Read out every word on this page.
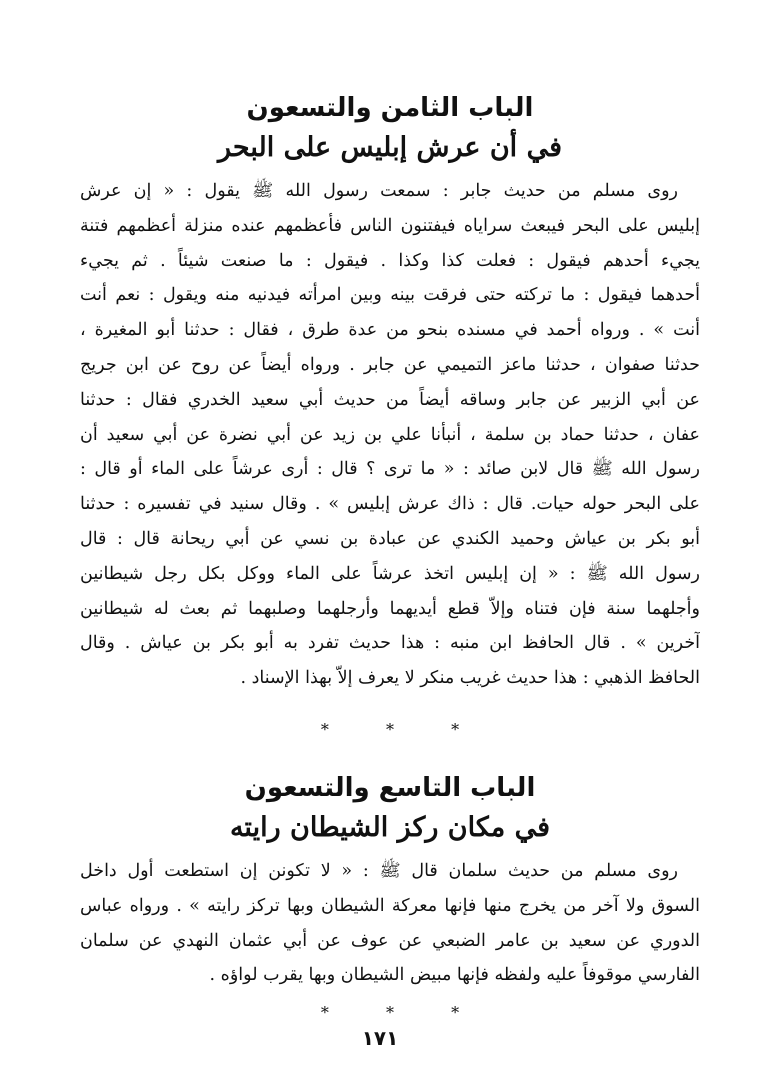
الباب الثامن والتسعون
في أن عرش إبليس على البحر
روى مسلم من حديث جابر : سمعت رسول الله ﷺ يقول : « إن عرش
إبليس على البحر فيبعث سراياه فيفتنون الناس فأعظمهم عنده منزلة أعظمهم فتنة
يجيء أحدهم فيقول : فعلت كذا وكذا . فيقول : ما صنعت شيئاً . ثم يجيء
أحدهما فيقول : ما تركته حتى فرقت بينه وبين امرأته فيدنيه منه ويقول : نعم أنت
أنت » . ورواه أحمد في مسنده بنحو من عدة طرق ، فقال : حدثنا أبو المغيرة ،
حدثنا صفوان ، حدثنا ماعز التميمي عن جابر . ورواه أيضاً عن روح عن ابن جريج
عن أبي الزبير عن جابر وساقه أيضاً من حديث أبي سعيد الخدري فقال : حدثنا
عفان ، حدثنا حماد بن سلمة ، أنبأنا علي بن زيد عن أبي نضرة عن أبي سعيد أن
رسول الله ﷺ قال لابن صائد : « ما ترى ؟ قال : أرى عرشاً على الماء أو قال :
على البحر حوله حيات. قال : ذاك عرش إبليس » . وقال سنيد في تفسيره : حدثنا
أبو بكر بن عياش وحميد الكندي عن عبادة بن نسي عن أبي ريحانة قال : قال
رسول الله ﷺ : « إن إبليس اتخذ عرشاً على الماء ووكل بكل رجل شيطانين
وأجلهما سنة فإن فتناه وإلاّ قطع أيديهما وأرجلهما وصلبهما ثم بعث له شيطانين
آخرين » . قال الحافظ ابن منبه : هذا حديث تفرد به أبو بكر بن عياش . وقال
الحافظ الذهبي : هذا حديث غريب منكر لا يعرف إلاّ بهذا الإسناد .
* * *
الباب التاسع والتسعون
في مكان ركز الشيطان رايته
روى مسلم من حديث سلمان قال ﷺ : « لا تكونن إن استطعت أول داخل
السوق ولا آخر من يخرج منها فإنها معركة الشيطان وبها تركز رايته » . ورواه عباس
الدوري عن سعيد بن عامر الضبعي عن عوف عن أبي عثمان النهدي عن سلمان
الفارسي موقوفاً عليه ولفظه فإنها مبيض الشيطان وبها يقرب لواؤه .
* * *
١٧١
